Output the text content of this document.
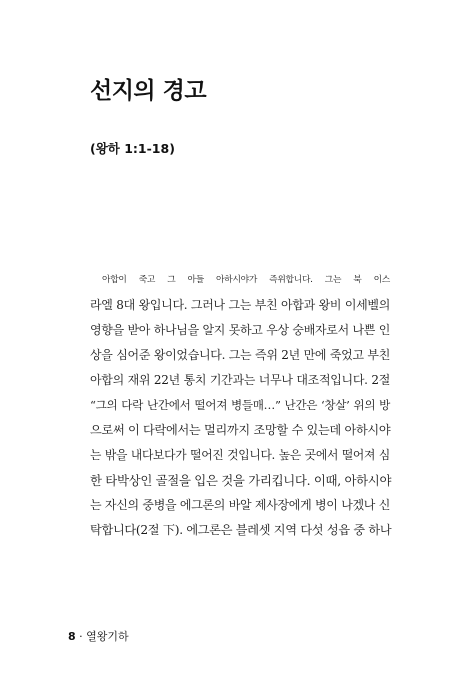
선지의 경고
(왕하 1:1-18)
아합이 죽고 그 아들 아하시야가 즉위합니다. 그는 북 이스
라엘 8대 왕입니다. 그러나 그는 부친 아합과 왕비 이세벨의
영향을 받아 하나님을 알지 못하고 우상 숭배자로서 나쁜 인
상을 심어준 왕이었습니다. 그는 즉위 2년 만에 죽었고 부친
아합의 재위 22년 통치 기간과는 너무나 대조적입니다. 2절
“그의 다락 난간에서 떨어져 병들매…” 난간은 ‘창살’ 위의 방
으로써 이 다락에서는 멀리까지 조망할 수 있는데 아하시야
는 밖을 내다보다가 떨어진 것입니다. 높은 곳에서 떨어져 심
한 타박상인 골절을 입은 것을 가리킵니다. 이때, 아하시야
는 자신의 중병을 에그론의 바알 제사장에게 병이 나겠나 신
탁합니다(2절 下). 에그론은 블레셋 지역 다섯 성읍 중 하나
8 · 열왕기하
